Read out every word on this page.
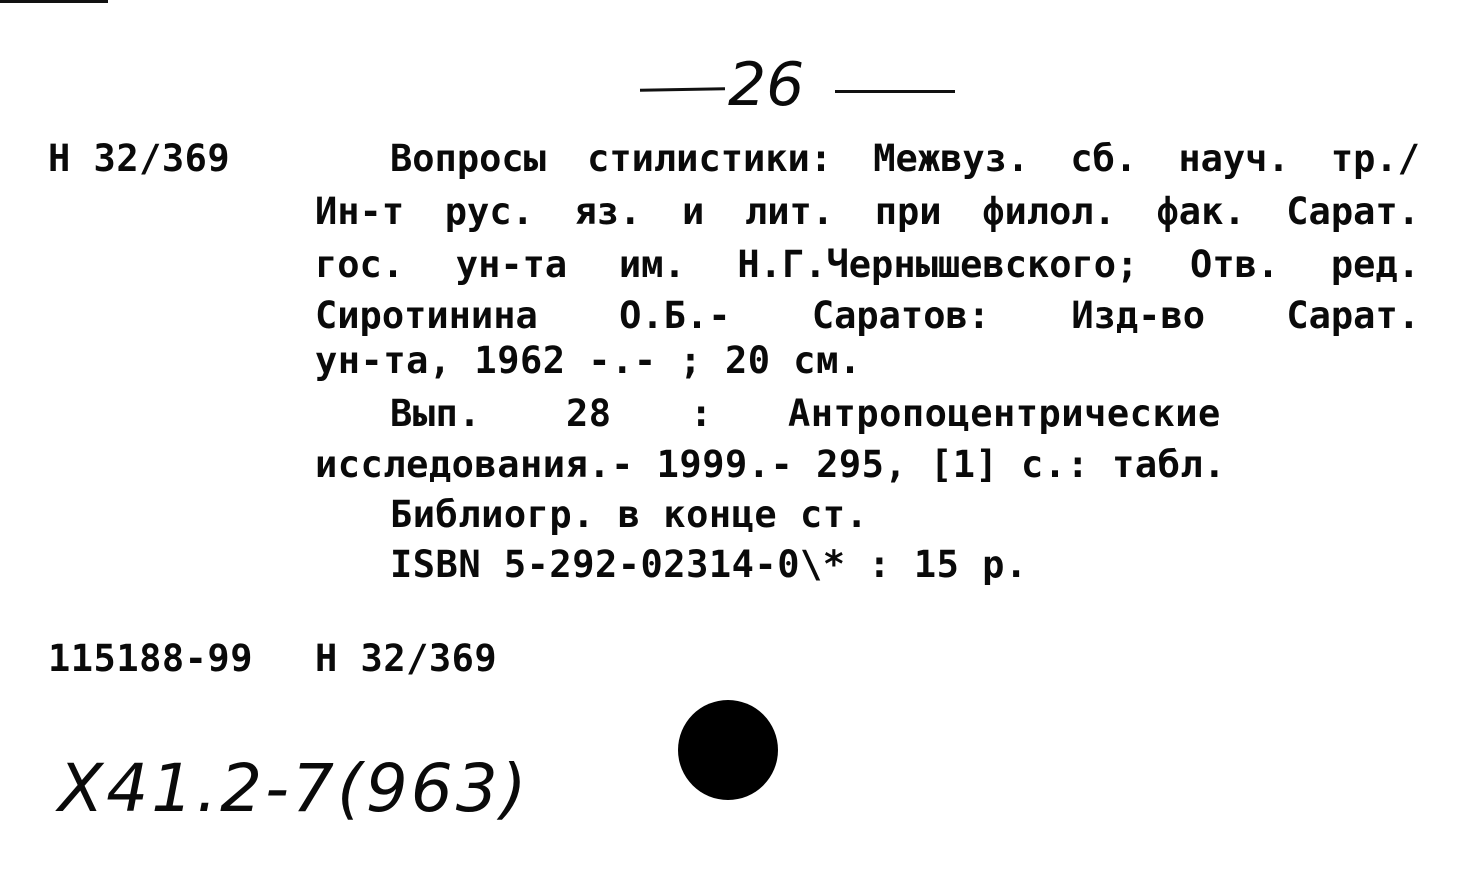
26
Н 32/369	Вопросы стилистики: Межвуз. сб. науч. тр./
Ин-т рус. яз. и лит. при филол. фак. Сарат.
гос. ун-та им. Н.Г.Чернышевского; Отв. ред.
Сиротинина О.Б.- Саратов: Изд-во Сарат.
ун-та, 1962 -.- ; 20 см.
Вып. 28 : Антропоцентрические
исследования.- 1999.- 295, [1] с.: табл.
Библиогр. в конце ст.
ISBN 5-292-02314-0\* : 15 р.
115188-99 Н 32/369
X41.2-7(963)
